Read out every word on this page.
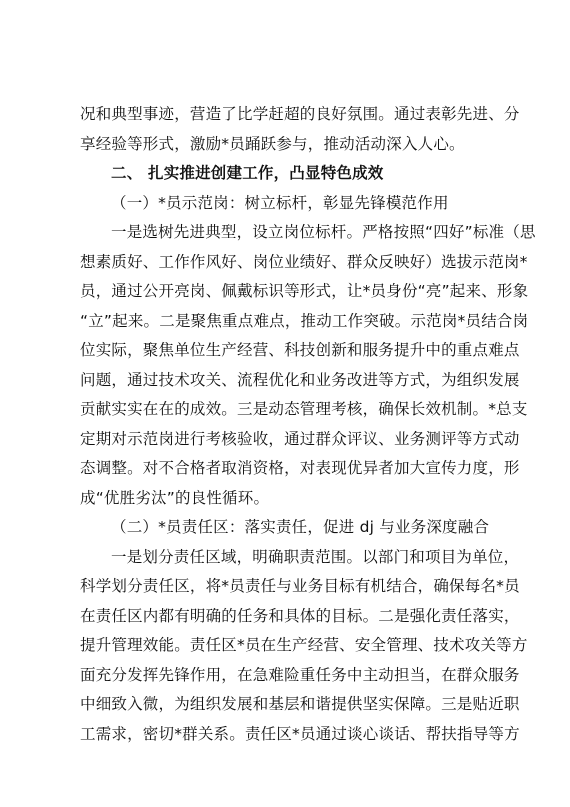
况和典型事迹，营造了比学赶超的良好氛围。通过表彰先进、分
享经验等形式，激励*员踊跃参与，推动活动深入人心。
二、 扎实推进创建工作，凸显特色成效
（一）*员示范岗：树立标杆，彰显先锋模范作用
一是选树先进典型，设立岗位标杆。严格按照“四好”标准（思
想素质好、工作作风好、岗位业绩好、群众反映好）选拔示范岗*
员，通过公开亮岗、佩戴标识等形式，让*员身份“亮”起来、形象
“立”起来。二是聚焦重点难点，推动工作突破。示范岗*员结合岗
位实际，聚焦单位生产经营、科技创新和服务提升中的重点难点
问题，通过技术攻关、流程优化和业务改进等方式，为组织发展
贡献实实在在的成效。三是动态管理考核，确保长效机制。*总支
定期对示范岗进行考核验收，通过群众评议、业务测评等方式动
态调整。对不合格者取消资格，对表现优异者加大宣传力度，形
成“优胜劣汰”的良性循环。
（二）*员责任区：落实责任，促进 dj 与业务深度融合
一是划分责任区域，明确职责范围。以部门和项目为单位，
科学划分责任区，将*员责任与业务目标有机结合，确保每名*员
在责任区内都有明确的任务和具体的目标。二是强化责任落实，
提升管理效能。责任区*员在生产经营、安全管理、技术攻关等方
面充分发挥先锋作用，在急难险重任务中主动担当，在群众服务
中细致入微，为组织发展和基层和谐提供坚实保障。三是贴近职
工需求，密切*群关系。责任区*员通过谈心谈话、帮扶指导等方
